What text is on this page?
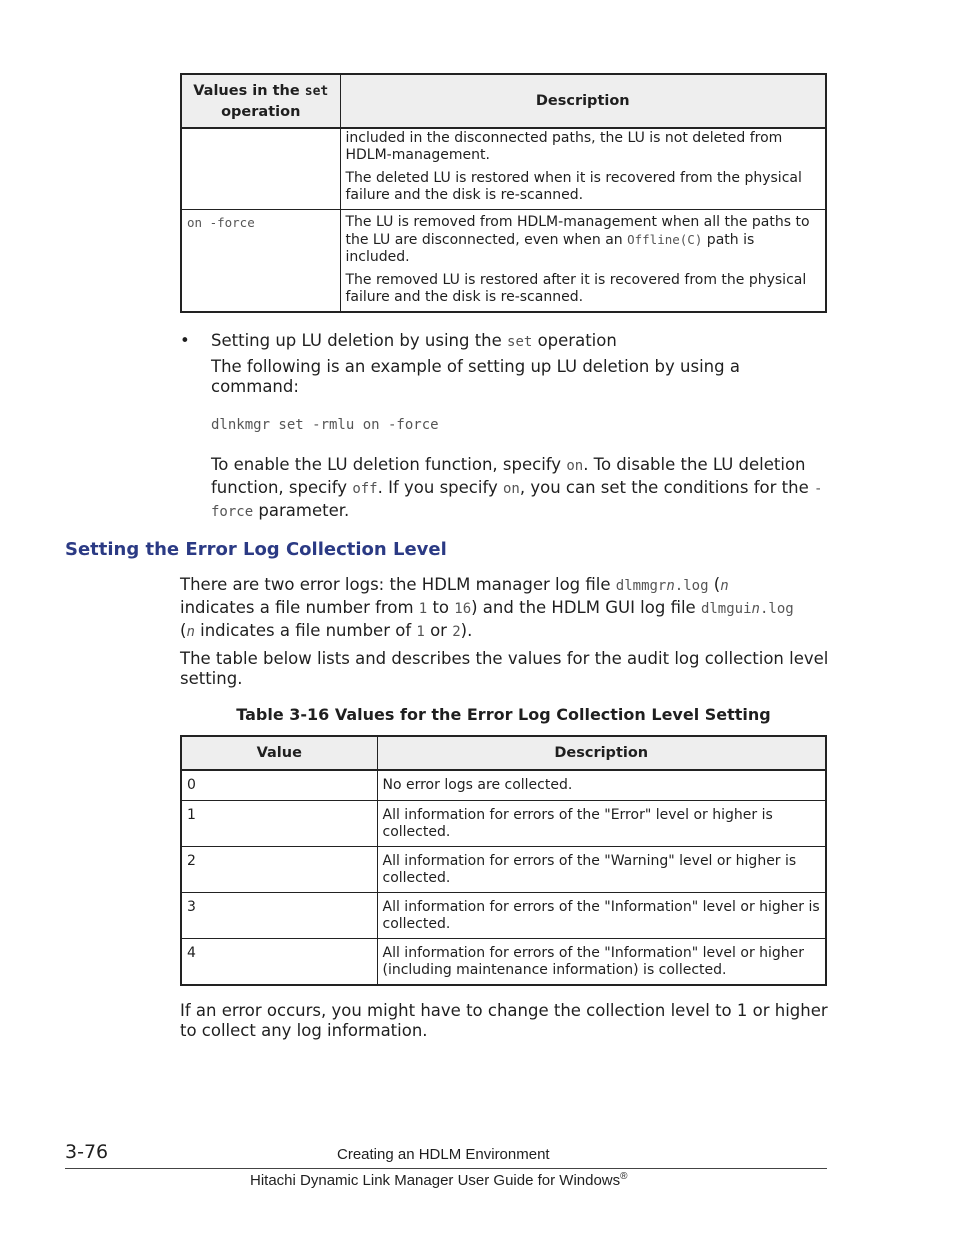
Values in the set
operation	Description

	included in the disconnected paths, the LU is not deleted from HDLM-management.

The deleted LU is restored when it is recovered from the physical failure and the disk is re-scanned.

on -force	The LU is removed from HDLM-management when all the paths to the LU are disconnected, even when an Offline(C) path is included.

The removed LU is restored after it is recovered from the physical failure and the disk is re-scanned.

• Setting up LU deletion by using the set operation

The following is an example of setting up LU deletion by using a command:

dlnkmgr set -rmlu on -force

To enable the LU deletion function, specify on. To disable the LU deletion function, specify off. If you specify on, you can set the conditions for the -force parameter.

Setting the Error Log Collection Level

There are two error logs: the HDLM manager log file dlmmgrn.log (n
indicates a file number from 1 to 16) and the HDLM GUI log file dlmguin.log
(n indicates a file number of 1 or 2).

The table below lists and describes the values for the audit log collection level setting.

Table 3-16 Values for the Error Log Collection Level Setting

Value	Description
0	No error logs are collected.
1	All information for errors of the "Error" level or higher is collected.
2	All information for errors of the "Warning" level or higher is collected.
3	All information for errors of the "Information" level or higher is collected.
4	All information for errors of the "Information" level or higher (including maintenance information) is collected.

If an error occurs, you might have to change the collection level to 1 or higher to collect any log information.

3-76	Creating an HDLM Environment
Hitachi Dynamic Link Manager User Guide for Windows®
